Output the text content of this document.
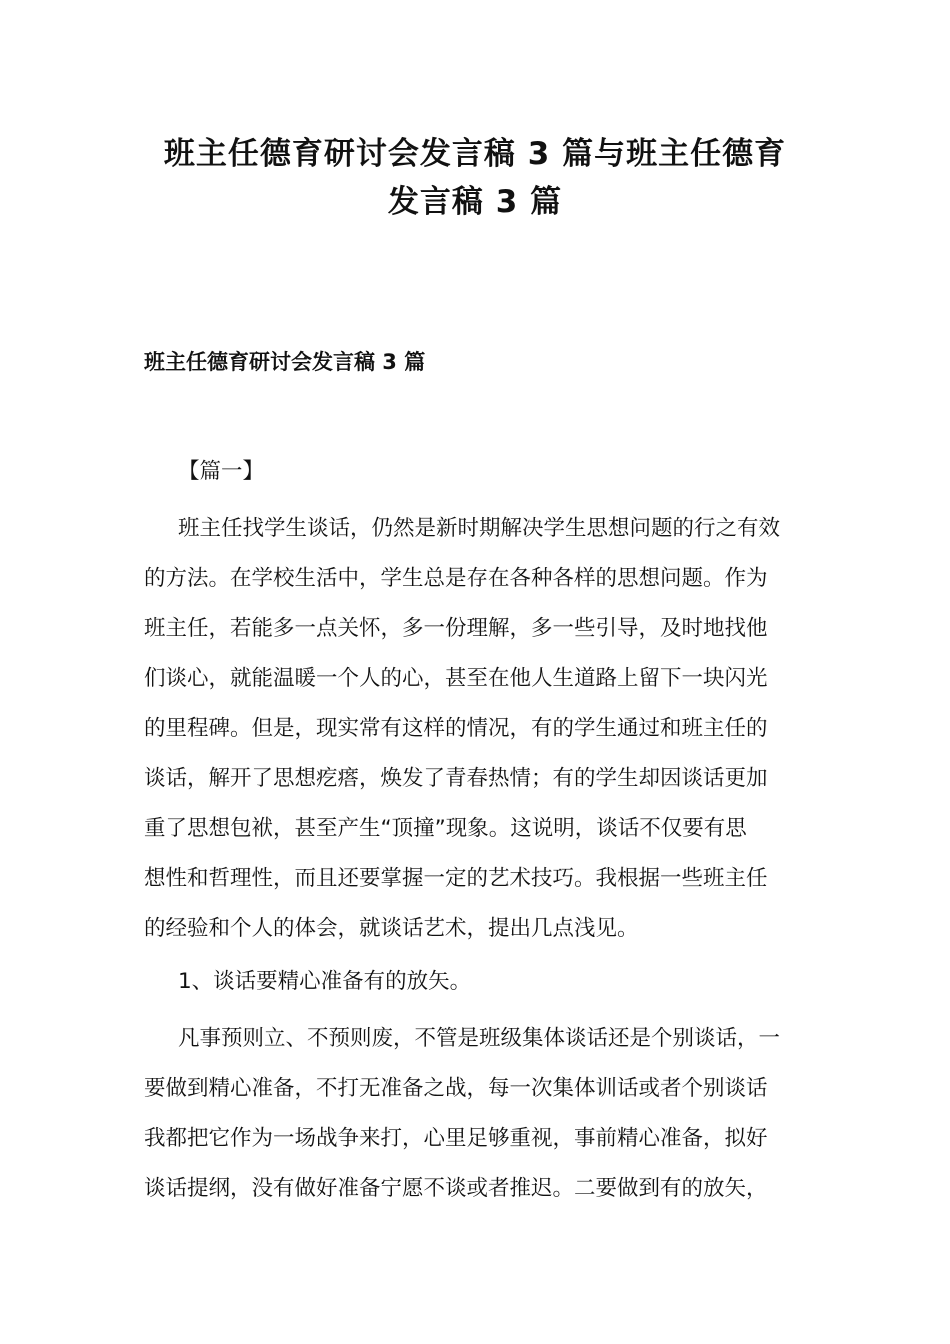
班主任德育研讨会发言稿 3 篇与班主任德育
发言稿 3 篇
班主任德育研讨会发言稿 3 篇

【篇一】

班主任找学生谈话，仍然是新时期解决学生思想问题的行之有效

的方法。在学校生活中，学生总是存在各种各样的思想问题。作为

班主任，若能多一点关怀，多一份理解，多一些引导，及时地找他

们谈心，就能温暖一个人的心，甚至在他人生道路上留下一块闪光

的里程碑。但是，现实常有这样的情况，有的学生通过和班主任的

谈话，解开了思想疙瘩，焕发了青春热情；有的学生却因谈话更加

重了思想包袱，甚至产生“顶撞”现象。这说明，谈话不仅要有思

想性和哲理性，而且还要掌握一定的艺术技巧。我根据一些班主任

的经验和个人的体会，就谈话艺术，提出几点浅见。

1、谈话要精心准备有的放矢。

凡事预则立、不预则废，不管是班级集体谈话还是个别谈话，一

要做到精心准备，不打无准备之战，每一次集体训话或者个别谈话

我都把它作为一场战争来打，心里足够重视，事前精心准备，拟好

谈话提纲，没有做好准备宁愿不谈或者推迟。二要做到有的放矢，
